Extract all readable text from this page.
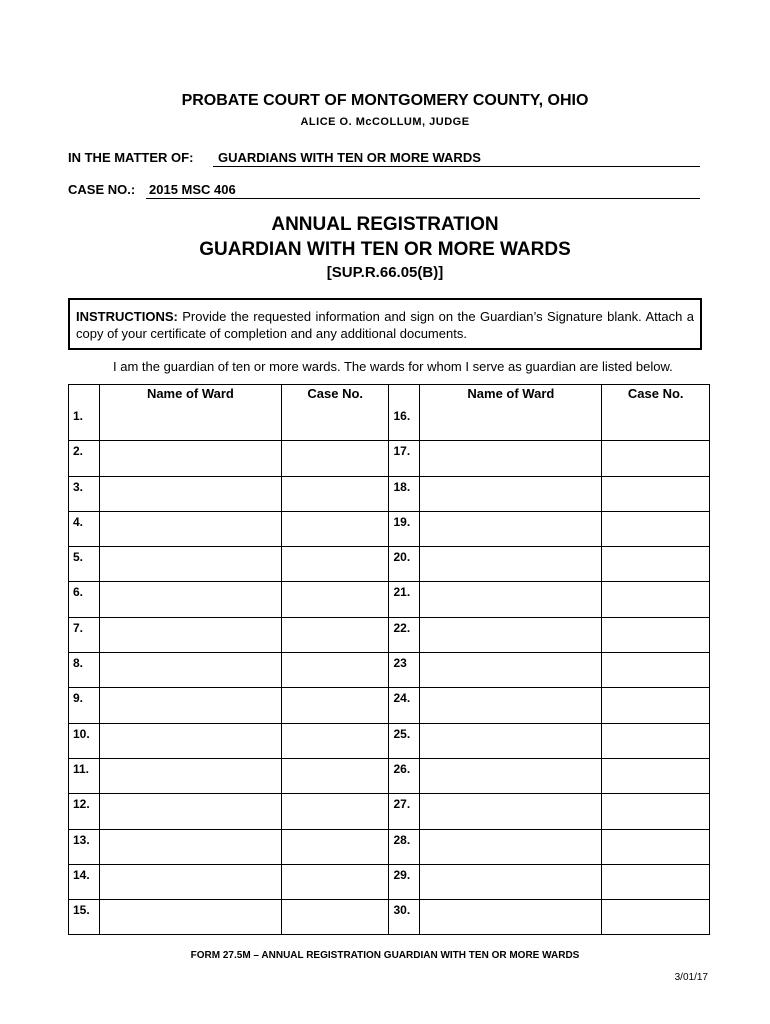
PROBATE COURT OF MONTGOMERY COUNTY, OHIO
ALICE O. McCOLLUM, JUDGE
IN THE MATTER OF: GUARDIANS WITH TEN OR MORE WARDS
CASE NO.: 2015 MSC 406
ANNUAL REGISTRATION
GUARDIAN WITH TEN OR MORE WARDS
[SUP.R.66.05(B)]
INSTRUCTIONS: Provide the requested information and sign on the Guardian’s Signature blank. Attach a copy of your certificate of completion and any additional documents.
I am the guardian of ten or more wards. The wards for whom I serve as guardian are listed below.
	Name of Ward	Case No.		Name of Ward	Case No.
1.			16.		
2.			17.		
3.			18.		
4.			19.		
5.			20.		
6.			21.		
7.			22.		
8.			23		
9.			24.		
10.			25.		
11.			26.		
12.			27.		
13.			28.		
14.			29.		
15.			30.		
FORM 27.5M – ANNUAL REGISTRATION GUARDIAN WITH TEN OR MORE WARDS
3/01/17
